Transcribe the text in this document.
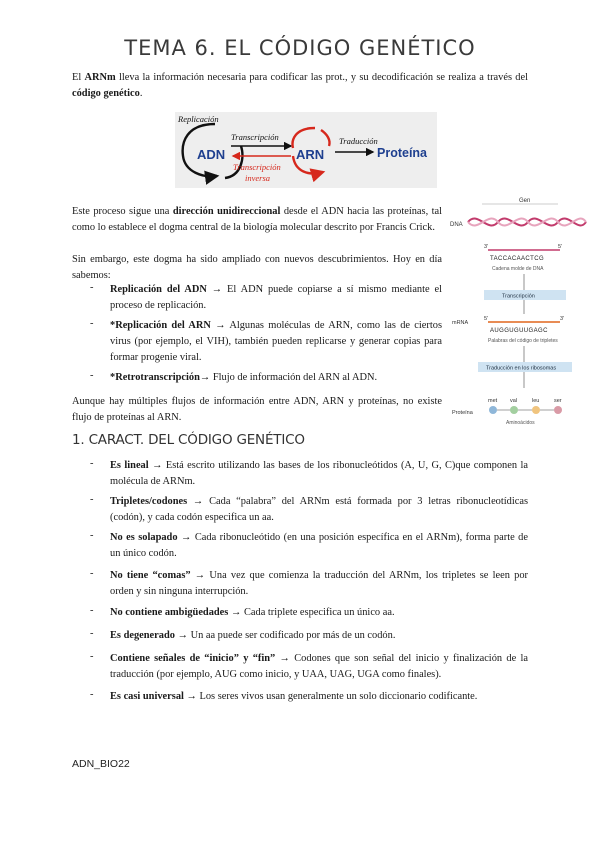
TEMA 6. EL CÓDIGO GENÉTICO
El ARNm lleva la información necesaria para codificar las prot., y su decodificación se realiza a través del código genético.
Replicación
ADN
Transcripción
Transcripción
inversa
ARN
Traducción
Proteína
Este proceso sigue una dirección unidireccional desde el ADN hacia las proteínas, tal como lo establece el dogma central de la biología molecular descrito por Francis Crick.
Sin embargo, este dogma ha sido ampliado con nuevos descubrimientos. Hoy en día sabemos:
- Replicación del ADN → El ADN puede copiarse a sí mismo mediante el proceso de replicación.
- *Replicación del ARN → Algunas moléculas de ARN, como las de ciertos virus (por ejemplo, el VIH), también pueden replicarse y generar copias para formar progenie viral.
- *Retrotranscripción→ Flujo de información del ARN al ADN.
Aunque hay múltiples flujos de información entre ADN, ARN y proteínas, no existe flujo de proteínas al ARN.
Gen
DNA
3'	5'
TACCACAACTCG
Cadena molde de DNA
Transcripción
mRNA
5'	3'
AUGGUGUUGAGC
Palabras del código de tripletes
Traducción en los ribosomas
Proteína
met val	leu	ser
Aminoácidos
1. CARACT. DEL CÓDIGO GENÉTICO
- Es lineal → Está escrito utilizando las bases de los ribonucleótidos (A, U, G, C)que componen la molécula de ARNm.
- Tripletes/codones → Cada “palabra” del ARNm está formada por 3 letras ribonucleotídicas (codón), y cada codón especifica un aa.
- No es solapado → Cada ribonucleótido (en una posición específica en el ARNm), forma parte de un único codón.
- No tiene “comas” → Una vez que comienza la traducción del ARNm, los tripletes se leen por orden y sin ninguna interrupción.
- No contiene ambigüedades → Cada triplete especifica un único aa.
- Es degenerado → Un aa puede ser codificado por más de un codón.
- Contiene señales de “inicio” y “fin” → Codones que son señal del inicio y finalización de la traducción (por ejemplo, AUG como inicio, y UAA, UAG, UGA como finales).
- Es casi universal → Los seres vivos usan generalmente un solo diccionario codificante.
ADN_BIO22
